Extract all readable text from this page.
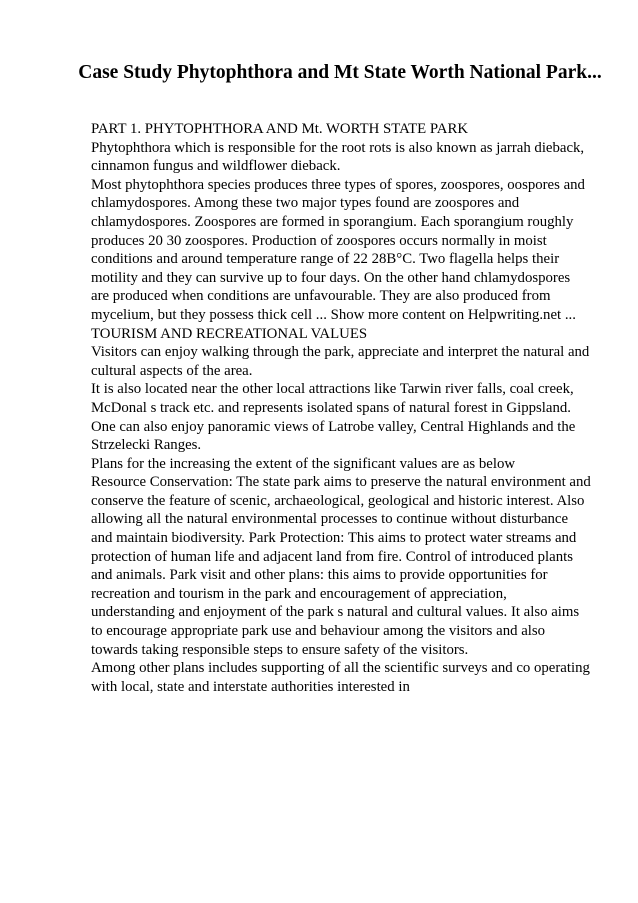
Case Study Phytophthora and Mt State Worth National Park...

PART 1. PHYTOPHTHORA AND Mt. WORTH STATE PARK

Phytophthora which is responsible for the root rots is also known as jarrah dieback, cinnamon fungus and wildflower dieback.

Most phytophthora species produces three types of spores, zoospores, oospores and chlamydospores. Among these two major types found are zoospores and chlamydospores. Zoospores are formed in sporangium. Each sporangium roughly produces 20 30 zoospores. Production of zoospores occurs normally in moist conditions and around temperature range of 22 28B°C. Two flagella helps their motility and they can survive up to four days. On the other hand chlamydospores are produced when conditions are unfavourable. They are also produced from mycelium, but they possess thick cell ... Show more content on Helpwriting.net ...

TOURISM AND RECREATIONAL VALUES

Visitors can enjoy walking through the park, appreciate and interpret the natural and cultural aspects of the area.

It is also located near the other local attractions like Tarwin river falls, coal creek, McDonal s track etc. and represents isolated spans of natural forest in Gippsland. One can also enjoy panoramic views of Latrobe valley, Central Highlands and the Strzelecki Ranges.

Plans for the increasing the extent of the significant values are as below

Resource Conservation: The state park aims to preserve the natural environment and conserve the feature of scenic, archaeological, geological and historic interest. Also allowing all the natural environmental processes to continue without disturbance and maintain biodiversity. Park Protection: This aims to protect water streams and protection of human life and adjacent land from fire. Control of introduced plants and animals. Park visit and other plans: this aims to provide opportunities for recreation and tourism in the park and encouragement of appreciation, understanding and enjoyment of the park s natural and cultural values. It also aims to encourage appropriate park use and behaviour among the visitors and also towards taking responsible steps to ensure safety of the visitors.

Among other plans includes supporting of all the scientific surveys and co operating with local, state and interstate authorities interested in
